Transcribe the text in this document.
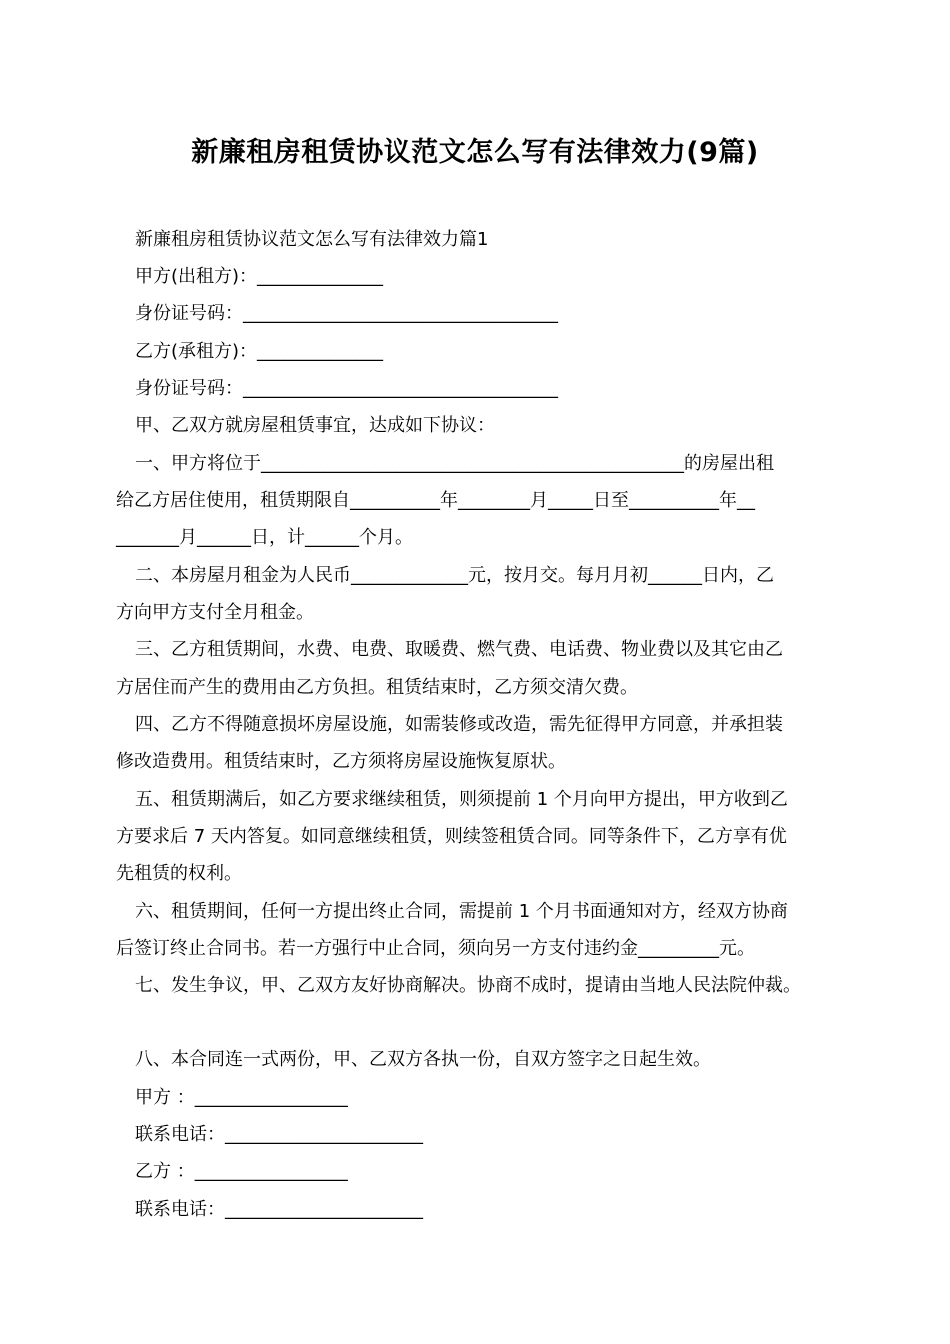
新廉租房租赁协议范文怎么写有法律效力(9篇)
新廉租房租赁协议范文怎么写有法律效力篇1
甲方(出租方)：______________
身份证号码：___________________________________
乙方(承租方)：______________
身份证号码：___________________________________
甲、乙双方就房屋租赁事宜，达成如下协议：
一、甲方将位于_______________________________________________的房屋出租
给乙方居住使用，租赁期限自__________年________月_____日至__________年__
_______月______日，计______个月。
二、本房屋月租金为人民币_____________元，按月交。每月月初______日内，乙
方向甲方支付全月租金。
三、乙方租赁期间，水费、电费、取暖费、燃气费、电话费、物业费以及其它由乙
方居住而产生的费用由乙方负担。租赁结束时，乙方须交清欠费。
四、乙方不得随意损坏房屋设施，如需装修或改造，需先征得甲方同意，并承担装
修改造费用。租赁结束时，乙方须将房屋设施恢复原状。
五、租赁期满后，如乙方要求继续租赁，则须提前 1 个月向甲方提出，甲方收到乙
方要求后 7 天内答复。如同意继续租赁，则续签租赁合同。同等条件下，乙方享有优
先租赁的权利。
六、租赁期间，任何一方提出终止合同，需提前 1 个月书面通知对方，经双方协商
后签订终止合同书。若一方强行中止合同，须向另一方支付违约金_________元。
七、发生争议，甲、乙双方友好协商解决。协商不成时，提请由当地人民法院仲裁。
八、本合同连一式两份，甲、乙双方各执一份，自双方签字之日起生效。
甲方 ：_________________
联系电话：______________________
乙方 ：_________________
联系电话：______________________
